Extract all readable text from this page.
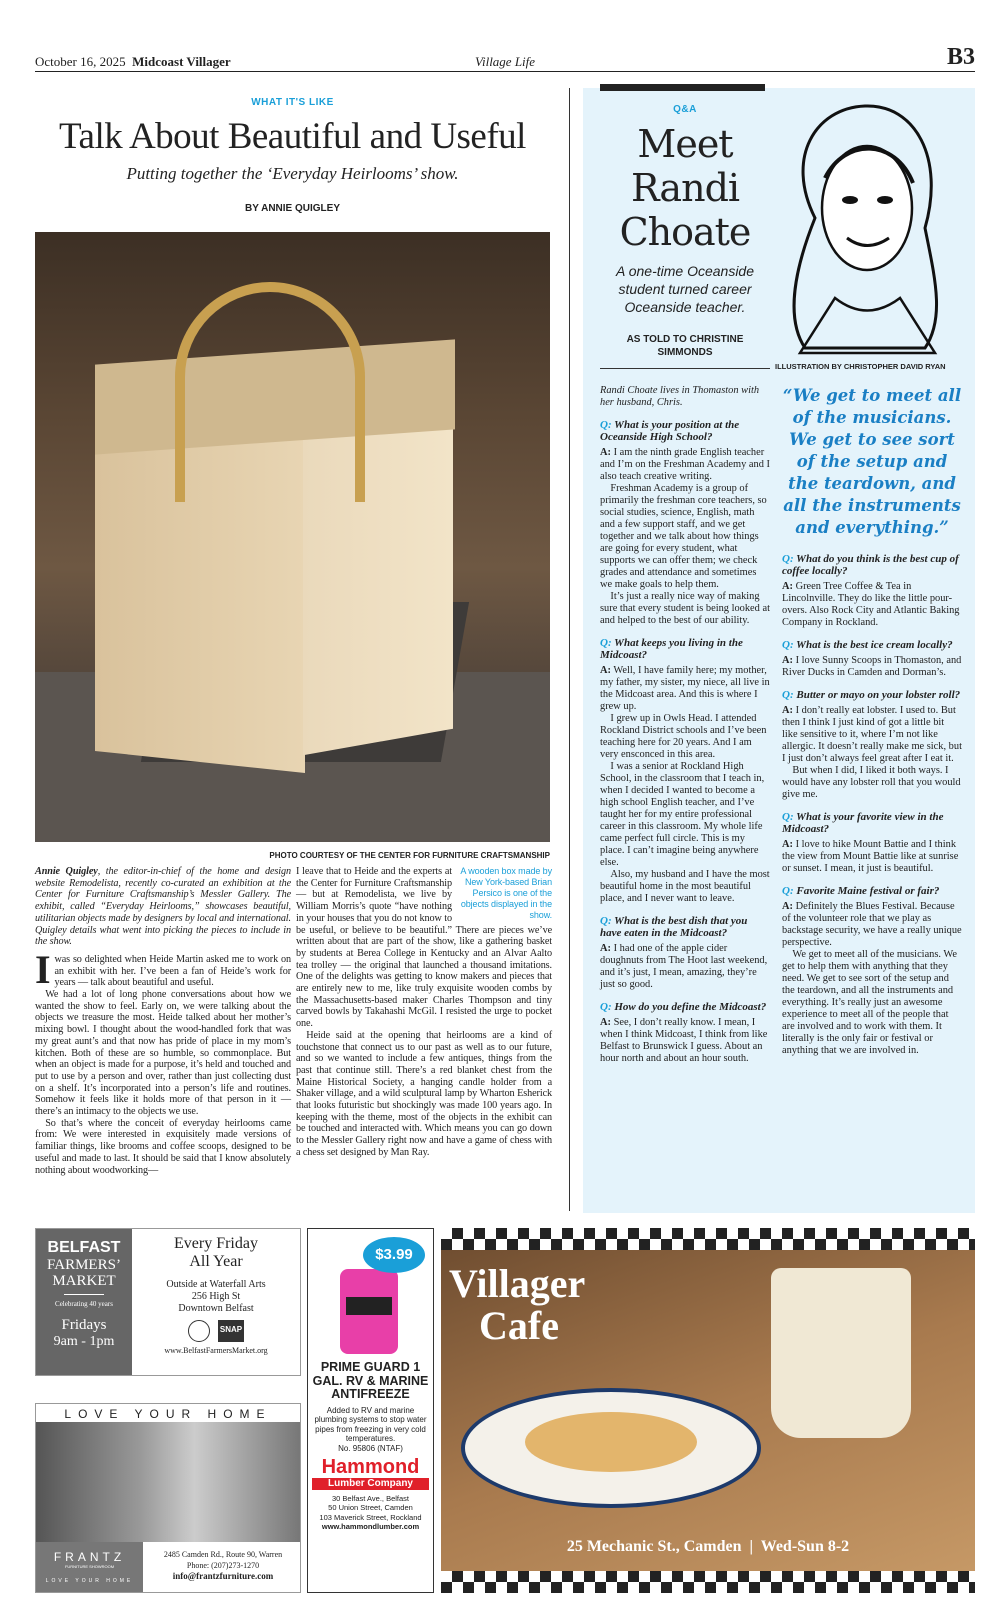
October 16, 2025 Midcoast Villager	Village Life	B3
WHAT IT'S LIKE
Talk About Beautiful and Useful
Putting together the ‘Everyday Heirlooms’ show.
BY ANNIE QUIGLEY
PHOTO COURTESY OF THE CENTER FOR FURNITURE CRAFTSMANSHIP

Annie Quigley, the editor-in-chief of the home and design website Remodelista, recently co-curated an exhibition at the Center for Furniture Craftsmanship’s Messler Gallery. The exhibit, called “Everyday Heirlooms,” showcases beautiful, utilitarian objects made by designers by local and international. Quigley details what went into picking the pieces to include in the show.

Iwas so delighted when Heide Martin asked me to work on an exhibit with her. I’ve been a fan of Heide’s work for years — talk about beautiful and useful.

We had a lot of long phone conversations about how we wanted the show to feel. Early on, we were talking about the objects we treasure the most. Heide talked about her mother’s mixing bowl. I thought about the wood-handled fork that was my great aunt’s and that now has pride of place in my mom’s kitchen. Both of these are so humble, so commonplace. But when an object is made for a purpose, it’s held and touched and put to use by a person and over, rather than just collecting dust on a shelf. It’s incorporated into a person’s life and routines. Somehow it feels like it holds more of that person in it — there’s an intimacy to the objects we use.

So that’s where the conceit of everyday heirlooms came from: We were interested in exquisitely made versions of familiar things, like brooms and coffee scoops, designed to be useful and made to last. It should be said that I know absolutely nothing about woodworking—

A wooden box made by New York-based Brian Persico is one of the objects displayed in the show.

I leave that to Heide and the experts at the Center for Furniture Craftsmanship — but at Remodelista, we live by William Morris’s quote “have nothing in your houses that you do not know to be useful, or believe to be beautiful.” There are pieces we’ve written about that are part of the show, like a gathering basket by students at Berea College in Kentucky and an Alvar Aalto tea trolley — the original that launched a thousand imitations. One of the delights was getting to know makers and pieces that are entirely new to me, like truly exquisite wooden combs by the Massachusetts-based maker Charles Thompson and tiny carved bowls by Takahashi McGil. I resisted the urge to pocket one.

Heide said at the opening that heirlooms are a kind of touchstone that connect us to our past as well as to our future, and so we wanted to include a few antiques, things from the past that continue still. There’s a red blanket chest from the Maine Historical Society, a hanging candle holder from a Shaker village, and a wild sculptural lamp by Wharton Esherick that looks futuristic but shockingly was made 100 years ago. In keeping with the theme, most of the objects in the exhibit can be touched and interacted with. Which means you can go down to the Messler Gallery right now and have a game of chess with a chess set designed by Man Ray.

Q&A
Meet Randi Choate
A one-time Oceanside student turned career Oceanside teacher.
AS TOLD TO CHRISTINE SIMMONDS
ILLUSTRATION BY CHRISTOPHER DAVID RYAN

Randi Choate lives in Thomaston with her husband, Chris.

Q: What is your position at the Oceanside High School?

A: I am the ninth grade English teacher and I’m on the Freshman Academy and I also teach creative writing.

Freshman Academy is a group of primarily the freshman core teachers, so social studies, science, English, math and a few support staff, and we get together and we talk about how things are going for every student, what supports we can offer them; we check grades and attendance and sometimes we make goals to help them.

It’s just a really nice way of making sure that every student is being looked at and helped to the best of our ability.

Q: What keeps you living in the Midcoast?

A: Well, I have family here; my mother, my father, my sister, my niece, all live in the Midcoast area. And this is where I grew up.

I grew up in Owls Head. I attended Rockland District schools and I’ve been teaching here for 20 years. And I am very ensconced in this area.

I was a senior at Rockland High School, in the classroom that I teach in, when I decided I wanted to become a high school English teacher, and I’ve taught her for my entire professional career in this classroom. My whole life came perfect full circle. This is my place. I can’t imagine being anywhere else.

Also, my husband and I have the most beautiful home in the most beautiful place, and I never want to leave.

Q: What is the best dish that you have eaten in the Midcoast?

A: I had one of the apple cider doughnuts from The Hoot last weekend, and it’s just, I mean, amazing, they’re just so good.

Q: How do you define the Midcoast?

A: See, I don’t really know. I mean, I when I think Midcoast, I think from like Belfast to Brunswick I guess. About an hour north and about an hour south.

“We get to meet all of the musicians. We get to see sort of the setup and the teardown, and all the instruments and everything.”
Q: What do you think is the best cup of coffee locally?

A: Green Tree Coffee & Tea in Lincolnville. They do like the little pour-overs. Also Rock City and Atlantic Baking Company in Rockland.

Q: What is the best ice cream locally?

A: I love Sunny Scoops in Thomaston, and River Ducks in Camden and Dorman’s.

Q: Butter or mayo on your lobster roll?

A: I don’t really eat lobster. I used to. But then I think I just kind of got a little bit like sensitive to it, where I’m not like allergic. It doesn’t really make me sick, but I just don’t always feel great after I eat it.

But when I did, I liked it both ways. I would have any lobster roll that you would give me.

Q: What is your favorite view in the Midcoast?

A: I love to hike Mount Battie and I think the view from Mount Battie like at sunrise or sunset. I mean, it just is beautiful.

Q: Favorite Maine festival or fair?

A: Definitely the Blues Festival. Because of the volunteer role that we play as backstage security, we have a really unique perspective.

We get to meet all of the musicians. We get to help them with anything that they need. We get to see sort of the setup and the teardown, and all the instruments and everything. It’s really just an awesome experience to meet all of the people that are involved and to work with them. It literally is the only fair or festival or anything that we are involved in.

BELFAST
FARMERS’
MARKET
Celebrating 40 years
Fridays
9am - 1pm
Every Friday
All Year
Outside at Waterfall Arts
256 High St
Downtown Belfast
SNAP
www.BelfastFarmersMarket.org
LOVE YOUR HOME
FRANTZ
FURNITURE SHOWROOM
LOVE YOUR HOME
2485 Camden Rd., Route 90, Warren
Phone: (207)273-1270
info@frantzfurniture.com
$3.99
PRIME GUARD 1 GAL. RV & MARINE ANTIFREEZE
Added to RV and marine plumbing systems to stop water pipes from freezing in very cold temperatures.
No. 95806 (NTAF)
Hammond
Lumber Company
30 Belfast Ave., Belfast
50 Union Street, Camden
103 Maverick Street, Rockland
www.hammondlumber.com
Villager
Cafe
25 Mechanic St., Camden  |  Wed-Sun 8-2
